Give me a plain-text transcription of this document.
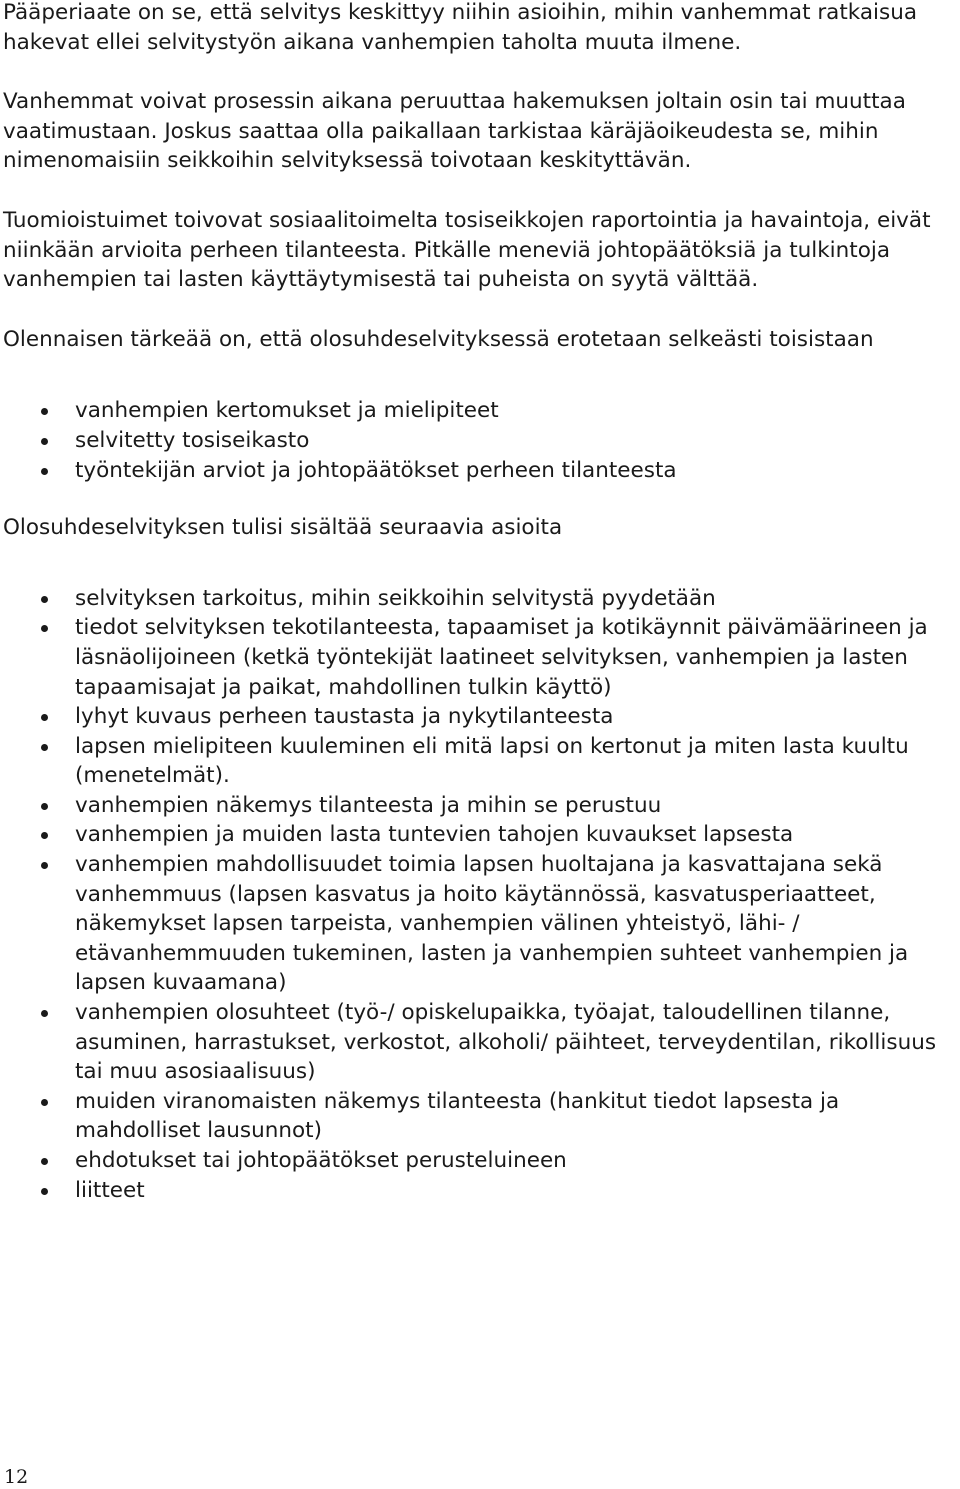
Pääperiaate on se, että selvitys keskittyy niihin asioihin, mihin vanhemmat ratkaisua hakevat ellei selvitystyön aikana vanhempien taholta muuta ilmene.

Vanhemmat voivat prosessin aikana peruuttaa hakemuksen joltain osin tai muuttaa vaatimustaan. Joskus saattaa olla paikallaan tarkistaa käräjäoikeudesta se, mihin nimenomaisiin seikkoihin selvityksessä toivotaan keskityttävän.

Tuomioistuimet toivovat sosiaalitoimelta tosiseikkojen raportointia ja havaintoja, eivät niinkään arvioita perheen tilanteesta. Pitkälle meneviä johtopäätöksiä ja tulkintoja vanhempien tai lasten käyttäytymisestä tai puheista on syytä välttää.

Olennaisen tärkeää on, että olosuhdeselvityksessä erotetaan selkeästi toisistaan

vanhempien kertomukset ja mielipiteet
selvitetty tosiseikasto
työntekijän arviot ja johtopäätökset perheen tilanteesta

Olosuhdeselvityksen tulisi sisältää seuraavia asioita

selvityksen tarkoitus, mihin seikkoihin selvitystä pyydetään
tiedot selvityksen tekotilanteesta, tapaamiset ja kotikäynnit päivämäärineen ja läsnäolijoineen (ketkä työntekijät laatineet selvityksen, vanhempien ja lasten tapaamisajat ja paikat, mahdollinen tulkin käyttö)
lyhyt kuvaus perheen taustasta ja nykytilanteesta
lapsen mielipiteen kuuleminen eli mitä lapsi on kertonut ja miten lasta kuultu (menetelmät).
vanhempien näkemys tilanteesta ja mihin se perustuu
vanhempien ja muiden lasta tuntevien tahojen kuvaukset lapsesta
vanhempien mahdollisuudet toimia lapsen huoltajana ja kasvattajana sekä vanhemmuus (lapsen kasvatus ja hoito käytännössä, kasvatusperiaatteet, näkemykset lapsen tarpeista, vanhempien välinen yhteistyö, lähi- / etävanhemmuuden tukeminen, lasten ja vanhempien suhteet vanhempien ja lapsen kuvaamana)
vanhempien olosuhteet (työ-/ opiskelupaikka, työajat, taloudellinen tilanne, asuminen, harrastukset, verkostot, alkoholi/ päihteet, terveydentilan, rikollisuus tai muu asosiaalisuus)
muiden viranomaisten näkemys tilanteesta (hankitut tiedot lapsesta ja mahdolliset lausunnot)
ehdotukset tai johtopäätökset perusteluineen
liitteet
12
